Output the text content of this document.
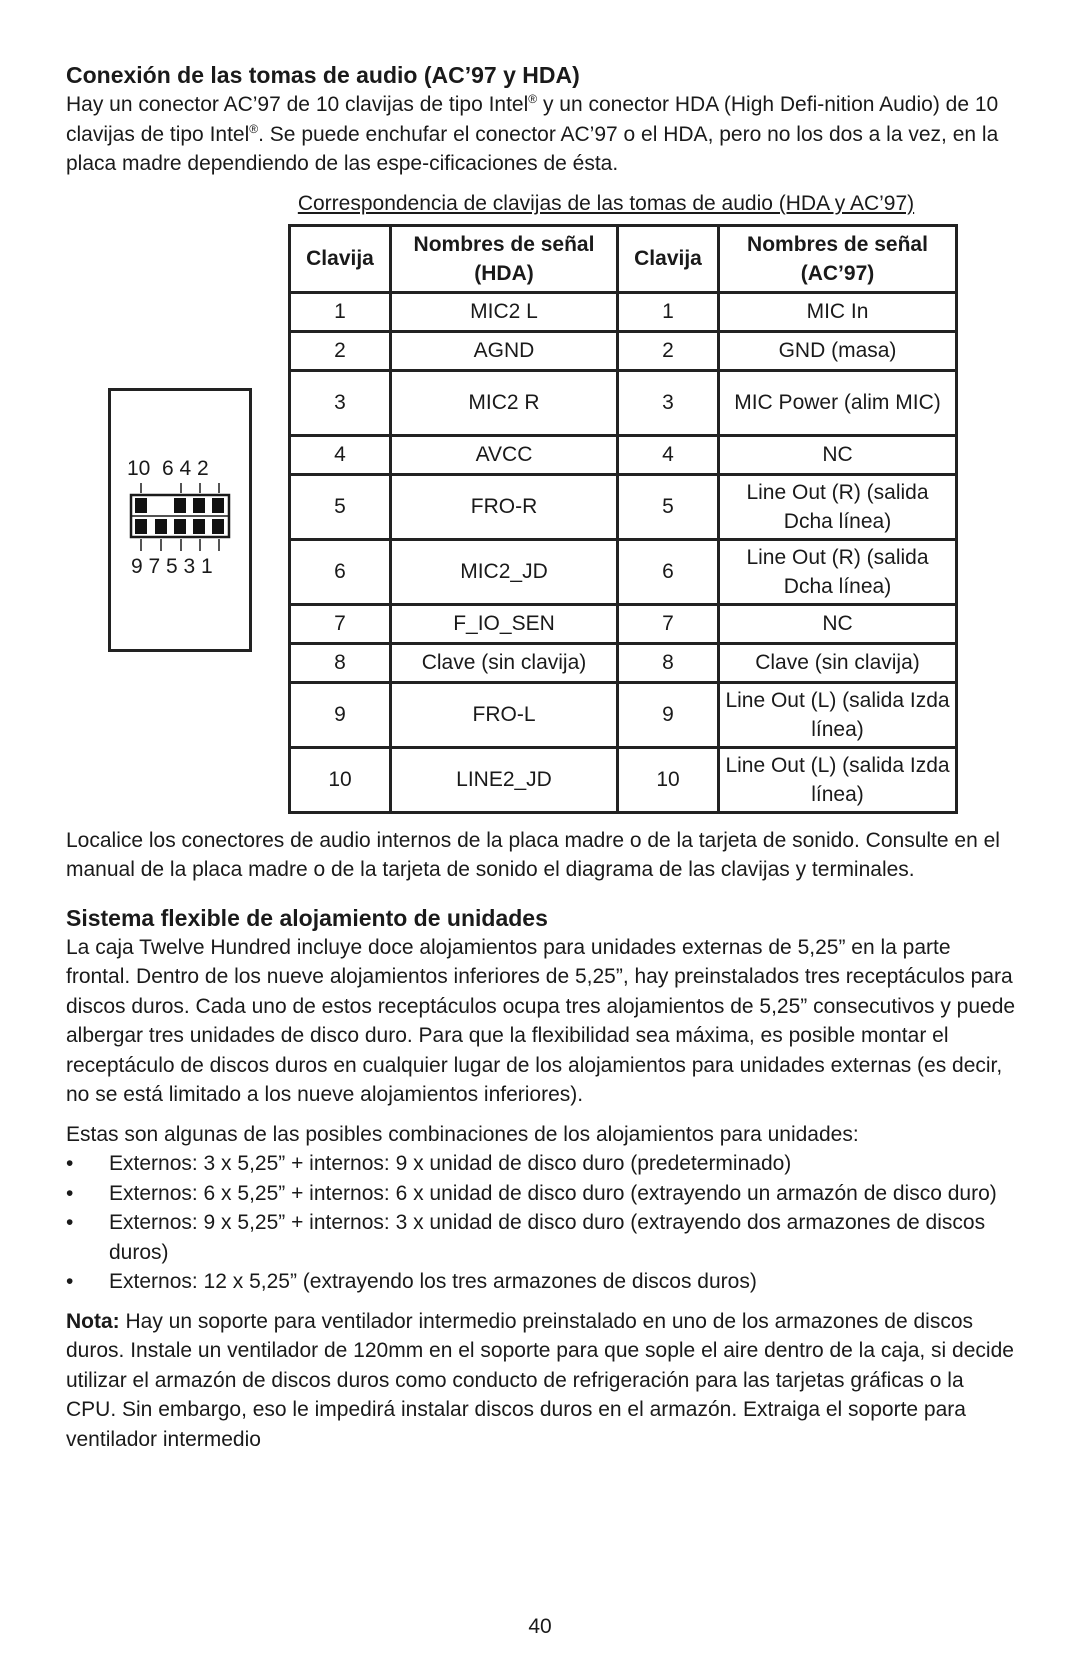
Conexión de las tomas de audio (AC’97 y HDA)

Hay un conector AC’97 de 10 clavijas de tipo Intel® y un conector HDA (High Defi-nition Audio) de 10 clavijas de tipo Intel®. Se puede enchufar el conector AC’97 o el HDA, pero no los dos a la vez, en la placa madre dependiendo de las espe-cificaciones de ésta.

Correspondencia de clavijas de las tomas de audio (HDA y AC’97)
10  6 4 2
9 7 5 3 1
Clavija	Nombres de señal (HDA)	Clavija	Nombres de señal (AC’97)
1	MIC2 L	1	MIC In
2	AGND	2	GND (masa)
3	MIC2 R	3	MIC Power (alim MIC)
4	AVCC	4	NC
5	FRO-R	5	Line Out (R) (salida Dcha línea)
6	MIC2_JD	6	Line Out (R) (salida Dcha línea)
7	F_IO_SEN	7	NC
8	Clave (sin clavija)	8	Clave (sin clavija)
9	FRO-L	9	Line Out (L) (salida Izda línea)
10	LINE2_JD	10	Line Out (L) (salida Izda línea)

Localice los conectores de audio internos de la placa madre o de la tarjeta de sonido. Consulte en el manual de la placa madre o de la tarjeta de sonido el diagrama de las clavijas y terminales.

Sistema flexible de alojamiento de unidades

La caja Twelve Hundred incluye doce alojamientos para unidades externas de 5,25” en la parte frontal. Dentro de los nueve alojamientos inferiores de 5,25”, hay preinstalados tres receptáculos para discos duros. Cada uno de estos receptáculos ocupa tres alojamientos de 5,25” consecutivos y puede albergar tres unidades de disco duro. Para que la flexibilidad sea máxima, es posible montar el receptáculo de discos duros en cualquier lugar de los alojamientos para unidades externas (es decir, no se está limitado a los nueve alojamientos inferiores).

Estas son algunas de las posibles combinaciones de los alojamientos para unidades:

• Externos: 3 x 5,25” + internos: 9 x unidad de disco duro (predeterminado)
• Externos: 6 x 5,25” + internos: 6 x unidad de disco duro (extrayendo un armazón de disco duro)
• Externos: 9 x 5,25” + internos: 3 x unidad de disco duro (extrayendo dos armazones de discos duros)
• Externos: 12 x 5,25” (extrayendo los tres armazones de discos duros)

Nota: Hay un soporte para ventilador intermedio preinstalado en uno de los armazones de discos duros. Instale un ventilador de 120mm en el soporte para que sople el aire dentro de la caja, si decide utilizar el armazón de discos duros como conducto de refrigeración para las tarjetas gráficas o la CPU. Sin embargo, eso le impedirá instalar discos duros en el armazón. Extraiga el soporte para ventilador intermedio

40
